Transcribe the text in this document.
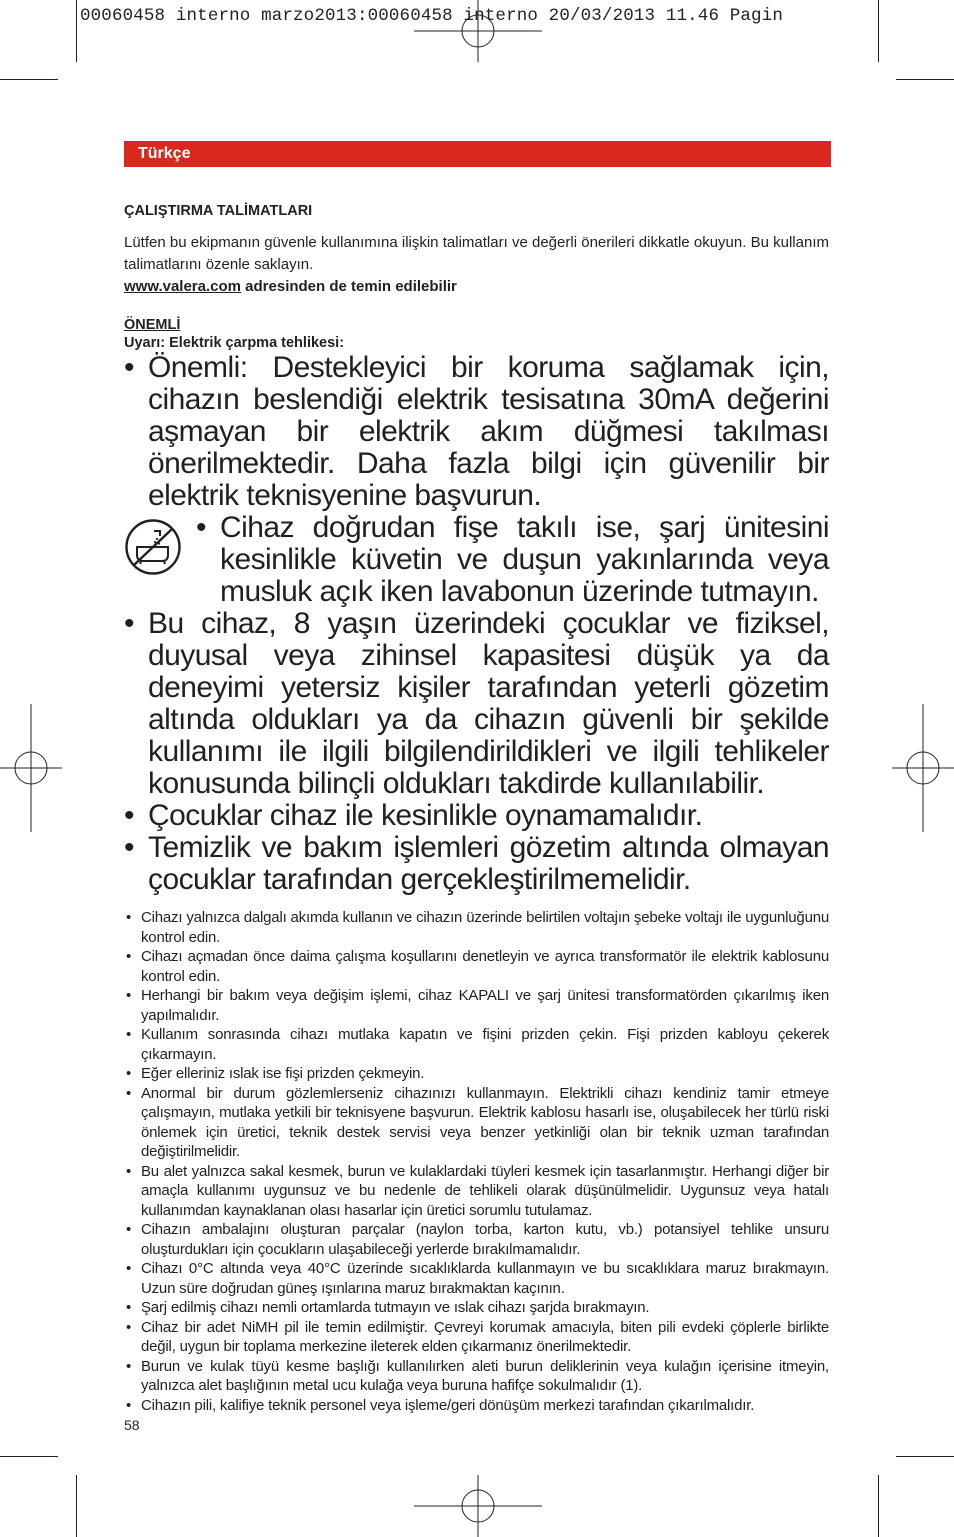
00060458 interno marzo2013:00060458 interno 20/03/2013 11.46 Pagin
Türkçe

ÇALIŞTIRMA TALİMATLARI

Lütfen bu ekipmanın güvenle kullanımına ilişkin talimatları ve değerli önerileri dikkatle okuyun. Bu kullanım talimatlarını özenle saklayın.

www.valera.com adresinden de temin edilebilir

ÖNEMLİ

Uyarı: Elektrik çarpma tehlikesi:

• Önemli: Destekleyici bir koruma sağlamak için, cihazın beslendiği elektrik tesisatına 30mA değerini aşmayan bir elektrik akım düğmesi takılması önerilmektedir. Daha fazla bilgi için güvenilir bir elektrik teknisyenine başvurun.
• Cihaz doğrudan fişe takılı ise, şarj ünitesini kesinlikle küvetin ve duşun yakınlarında veya musluk açık iken lavabonun üzerinde tutmayın.
• Bu cihaz, 8 yaşın üzerindeki çocuklar ve fiziksel, duyusal veya zihinsel kapasitesi düşük ya da deneyimi yetersiz kişiler tarafından yeterli gözetim altında oldukları ya da cihazın güvenli bir şekilde kullanımı ile ilgili bilgilendirildikleri ve ilgili tehlikeler konusunda bilinçli oldukları takdirde kullanılabilir.
• Çocuklar cihaz ile kesinlikle oynamamalıdır.
• Temizlik ve bakım işlemleri gözetim altında olmayan çocuklar tarafından gerçekleştirilmemelidir.
• Cihazı yalnızca dalgalı akımda kullanın ve cihazın üzerinde belirtilen voltajın şebeke voltajı ile uygunluğunu kontrol edin.
• Cihazı açmadan önce daima çalışma koşullarını denetleyin ve ayrıca transformatör ile elektrik kablosunu kontrol edin.
• Herhangi bir bakım veya değişim işlemi, cihaz KAPALI ve şarj ünitesi transformatörden çıkarılmış iken yapılmalıdır.
• Kullanım sonrasında cihazı mutlaka kapatın ve fişini prizden çekin. Fişi prizden kabloyu çekerek çıkarmayın.
• Eğer elleriniz ıslak ise fişi prizden çekmeyin.
• Anormal bir durum gözlemlerseniz cihazınızı kullanmayın. Elektrikli cihazı kendiniz tamir etmeye çalışmayın, mutlaka yetkili bir teknisyene başvurun. Elektrik kablosu hasarlı ise, oluşabilecek her türlü riski önlemek için üretici, teknik destek servisi veya benzer yetkinliği olan bir teknik uzman tarafından değiştirilmelidir.
• Bu alet yalnızca sakal kesmek, burun ve kulaklardaki tüyleri kesmek için tasarlanmıştır. Herhangi diğer bir amaçla kullanımı uygunsuz ve bu nedenle de tehlikeli olarak düşünülmelidir. Uygunsuz veya hatalı kullanımdan kaynaklanan olası hasarlar için üretici sorumlu tutulamaz.
• Cihazın ambalajını oluşturan parçalar (naylon torba, karton kutu, vb.) potansiyel tehlike unsuru oluşturdukları için çocukların ulaşabileceği yerlerde bırakılmamalıdır.
• Cihazı 0°C altında veya 40°C üzerinde sıcaklıklarda kullanmayın ve bu sıcaklıklara maruz bırakmayın. Uzun süre doğrudan güneş ışınlarına maruz bırakmaktan kaçının.
• Şarj edilmiş cihazı nemli ortamlarda tutmayın ve ıslak cihazı şarjda bırakmayın.
• Cihaz bir adet NiMH pil ile temin edilmiştir. Çevreyi korumak amacıyla, biten pili evdeki çöplerle birlikte değil, uygun bir toplama merkezine ileterek elden çıkarmanız önerilmektedir.
• Burun ve kulak tüyü kesme başlığı kullanılırken aleti burun deliklerinin veya kulağın içerisine itmeyin, yalnızca alet başlığının metal ucu kulağa veya buruna hafifçe sokulmalıdır (1).
• Cihazın pili, kalifiye teknik personel veya işleme/geri dönüşüm merkezi tarafından çıkarılmalıdır.
58
